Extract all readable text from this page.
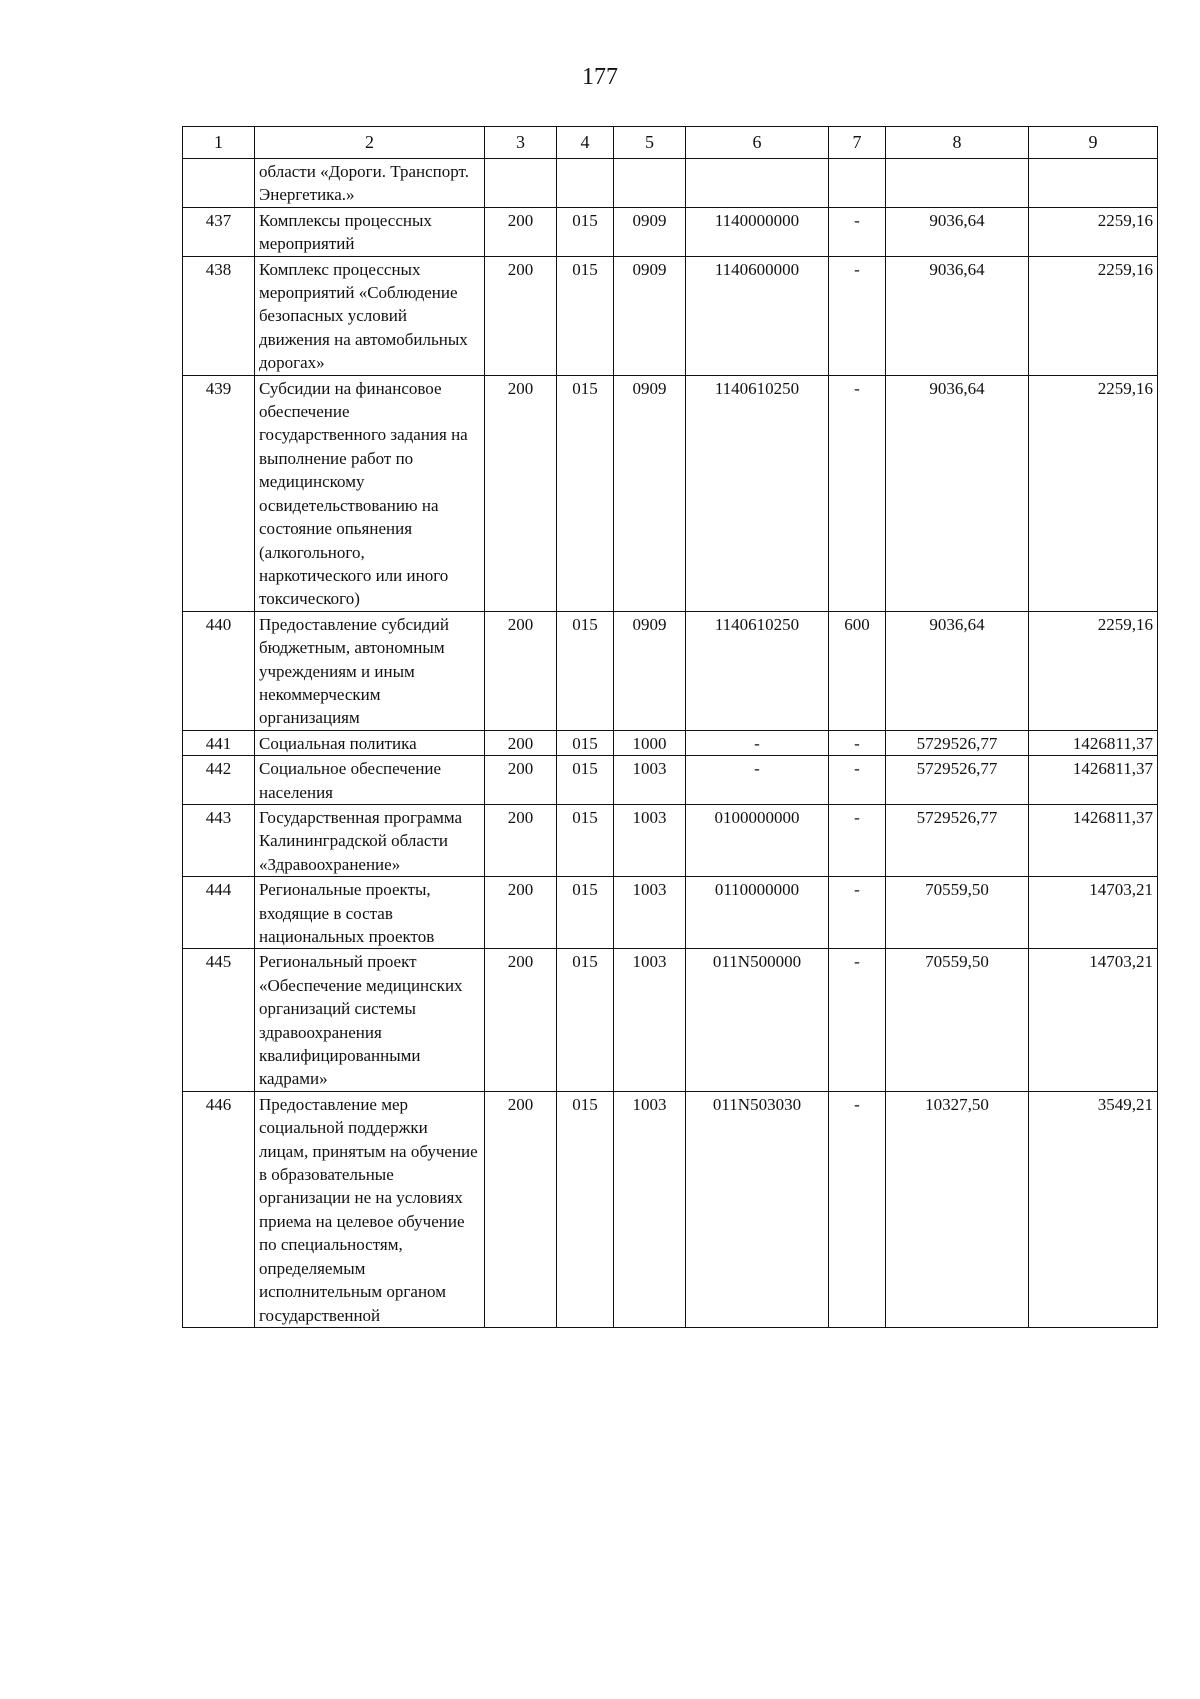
177
1	2	3	4	5	6	7	8	9
	области «Дороги. Транспорт. Энергетика.»							
437	Комплексы процессных мероприятий	200	015	0909	1140000000	-	9036,64	2259,16
438	Комплекс процессных мероприятий «Соблюдение безопасных условий движения на автомобильных дорогах»	200	015	0909	1140600000	-	9036,64	2259,16
439	Субсидии на финансовое обеспечение государственного задания на выполнение работ по медицинскому освидетельствованию на состояние опьянения (алкогольного, наркотического или иного токсического)	200	015	0909	1140610250	-	9036,64	2259,16
440	Предоставление субсидий бюджетным, автономным учреждениям и иным некоммерческим организациям	200	015	0909	1140610250	600	9036,64	2259,16
441	Социальная политика	200	015	1000	-	-	5729526,77	1426811,37
442	Социальное обеспечение населения	200	015	1003	-	-	5729526,77	1426811,37
443	Государственная программа Калининградской области «Здравоохранение»	200	015	1003	0100000000	-	5729526,77	1426811,37
444	Региональные проекты, входящие в состав национальных проектов	200	015	1003	0110000000	-	70559,50	14703,21
445	Региональный проект «Обеспечение медицинских организаций системы здравоохранения квалифицированными кадрами»	200	015	1003	011N500000	-	70559,50	14703,21
446	Предоставление мер социальной поддержки лицам, принятым на обучение в образовательные организации не на условиях приема на целевое обучение по специальностям, определяемым исполнительным органом государственной	200	015	1003	011N503030	-	10327,50	3549,21
